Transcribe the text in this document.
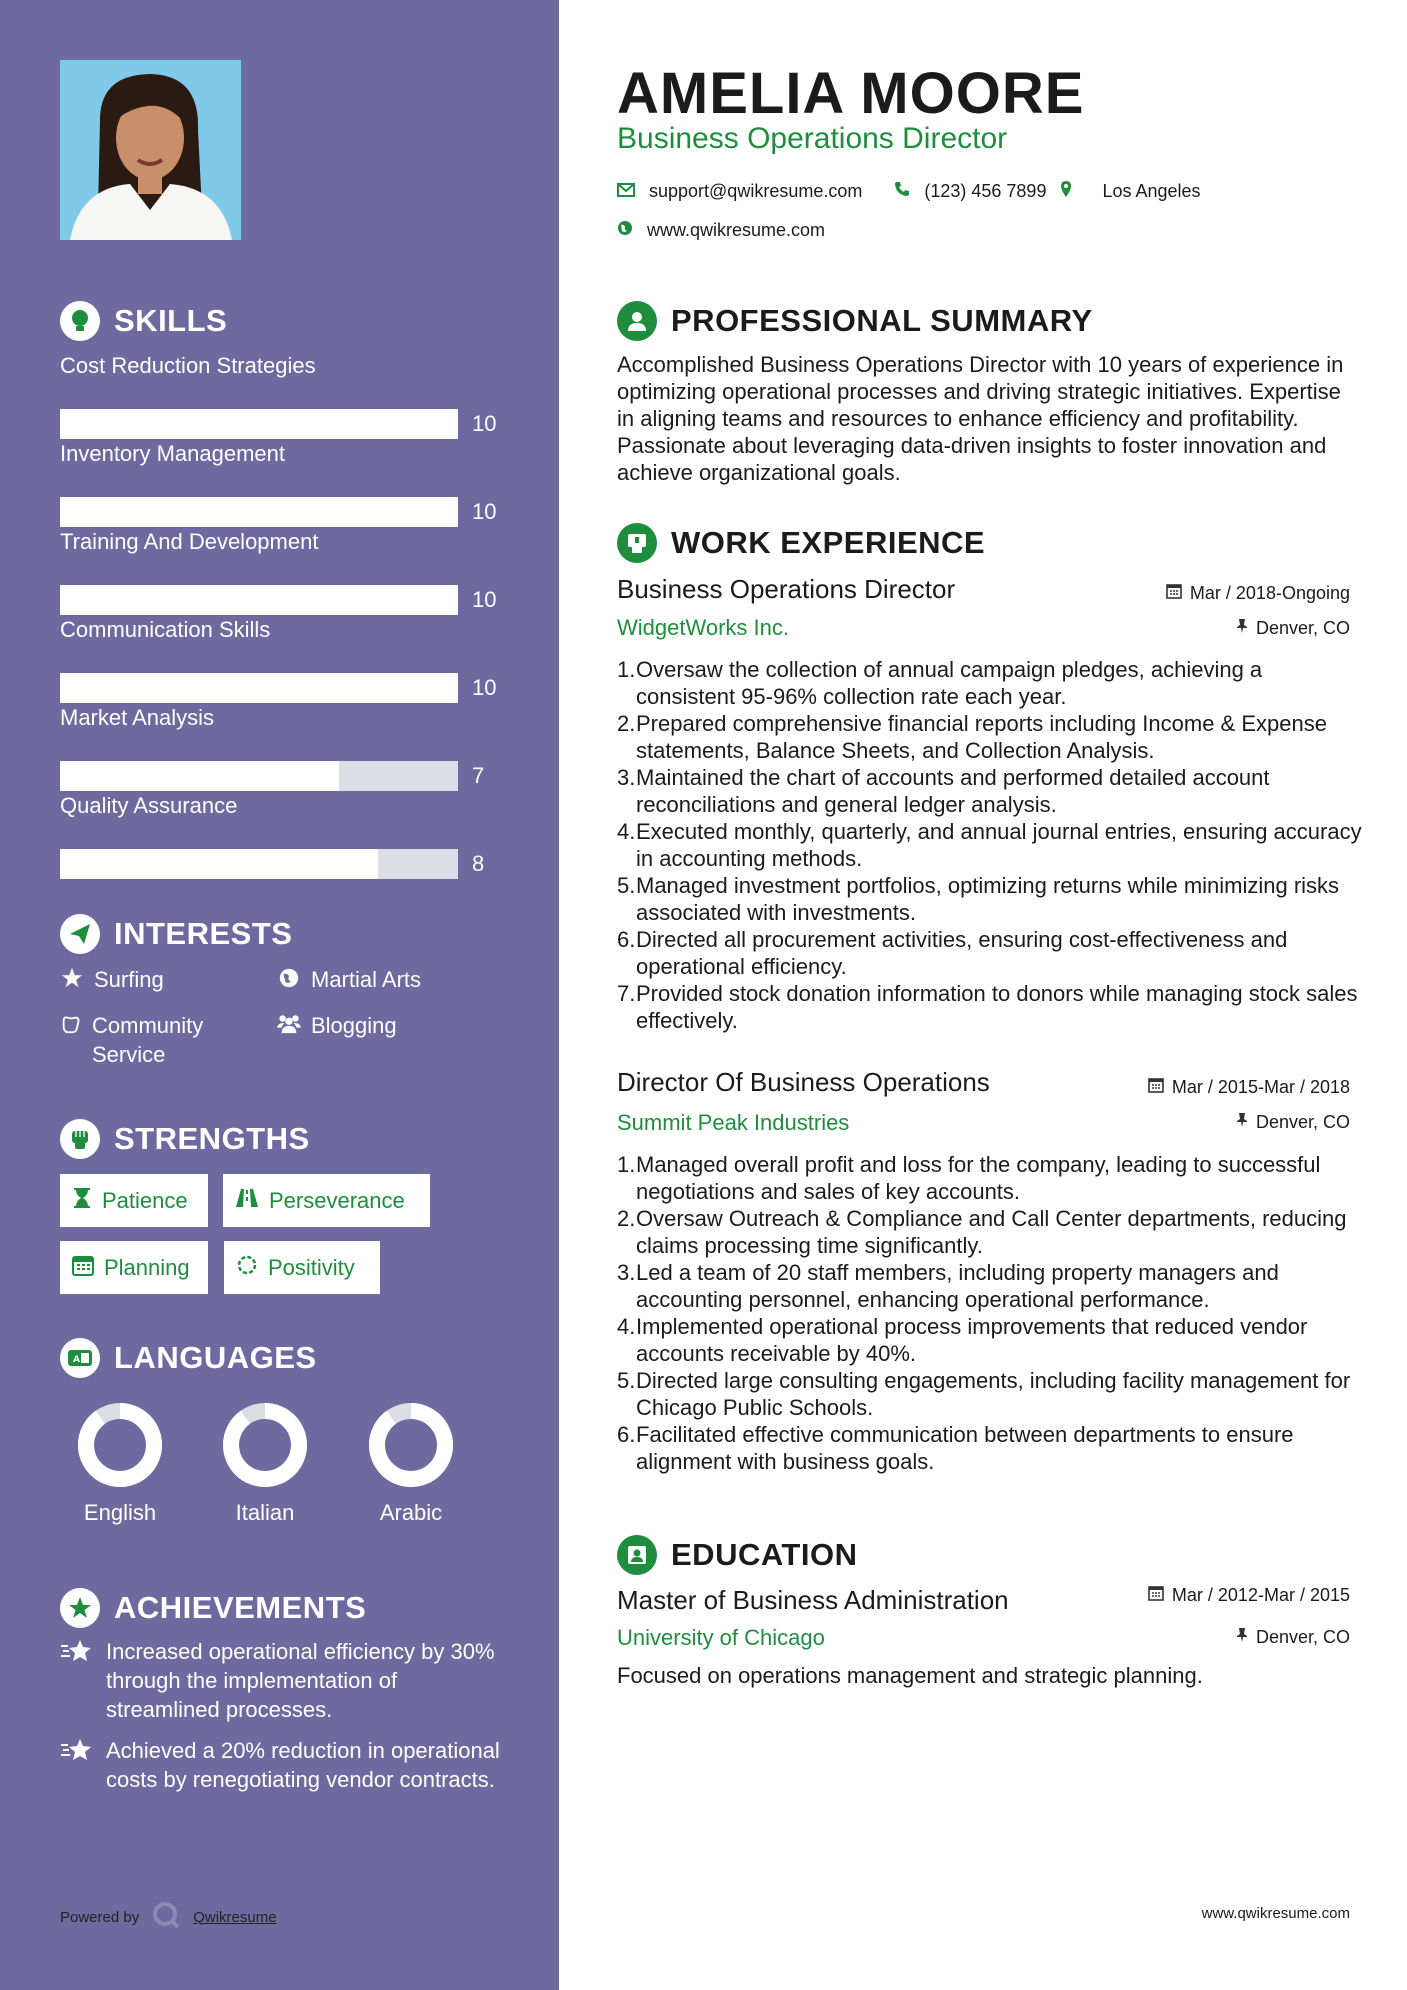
SKILLS
Cost Reduction Strategies
10
Inventory Management
10
Training And Development
10
Communication Skills
10
Market Analysis
7
Quality Assurance
8
INTERESTS
Surfing	Martial Arts
Community Service
Blogging
STRENGTHS
Patience	Perseverance
Planning	Positivity
A LANGUAGES
English	Italian	Arabic
ACHIEVEMENTS
Increased operational efficiency by 30% through the implementation of streamlined processes.
Achieved a 20% reduction in operational costs by renegotiating vendor contracts.
Powered by	Qwikresume
AMELIA MOORE
Business Operations Director
support@qwikresume.com	(123) 456 7899	Los Angeles
www.qwikresume.com
PROFESSIONAL SUMMARY
Accomplished Business Operations Director with 10 years of experience in optimizing operational processes and driving strategic initiatives. Expertise in aligning teams and resources to enhance efficiency and profitability. Passionate about leveraging data-driven insights to foster innovation and achieve organizational goals.
WORK EXPERIENCE
Business Operations Director	Mar / 2018-Ongoing
WidgetWorks Inc.	Denver, CO
1. Oversaw the collection of annual campaign pledges, achieving a consistent 95-96% collection rate each year.
2. Prepared comprehensive financial reports including Income & Expense statements, Balance Sheets, and Collection Analysis.
3. Maintained the chart of accounts and performed detailed account reconciliations and general ledger analysis.
4. Executed monthly, quarterly, and annual journal entries, ensuring accuracy in accounting methods.
5. Managed investment portfolios, optimizing returns while minimizing risks associated with investments.
6. Directed all procurement activities, ensuring cost-effectiveness and operational efficiency.
7. Provided stock donation information to donors while managing stock sales effectively.
Director Of Business Operations	Mar / 2015-Mar / 2018
Summit Peak Industries	Denver, CO
1. Managed overall profit and loss for the company, leading to successful negotiations and sales of key accounts.
2. Oversaw Outreach & Compliance and Call Center departments, reducing claims processing time significantly.
3. Led a team of 20 staff members, including property managers and accounting personnel, enhancing operational performance.
4. Implemented operational process improvements that reduced vendor accounts receivable by 40%.
5. Directed large consulting engagements, including facility management for Chicago Public Schools.
6. Facilitated effective communication between departments to ensure alignment with business goals.
EDUCATION
Master of Business Administration	Mar / 2012-Mar / 2015
University of Chicago	Denver, CO
Focused on operations management and strategic planning.
www.qwikresume.com
